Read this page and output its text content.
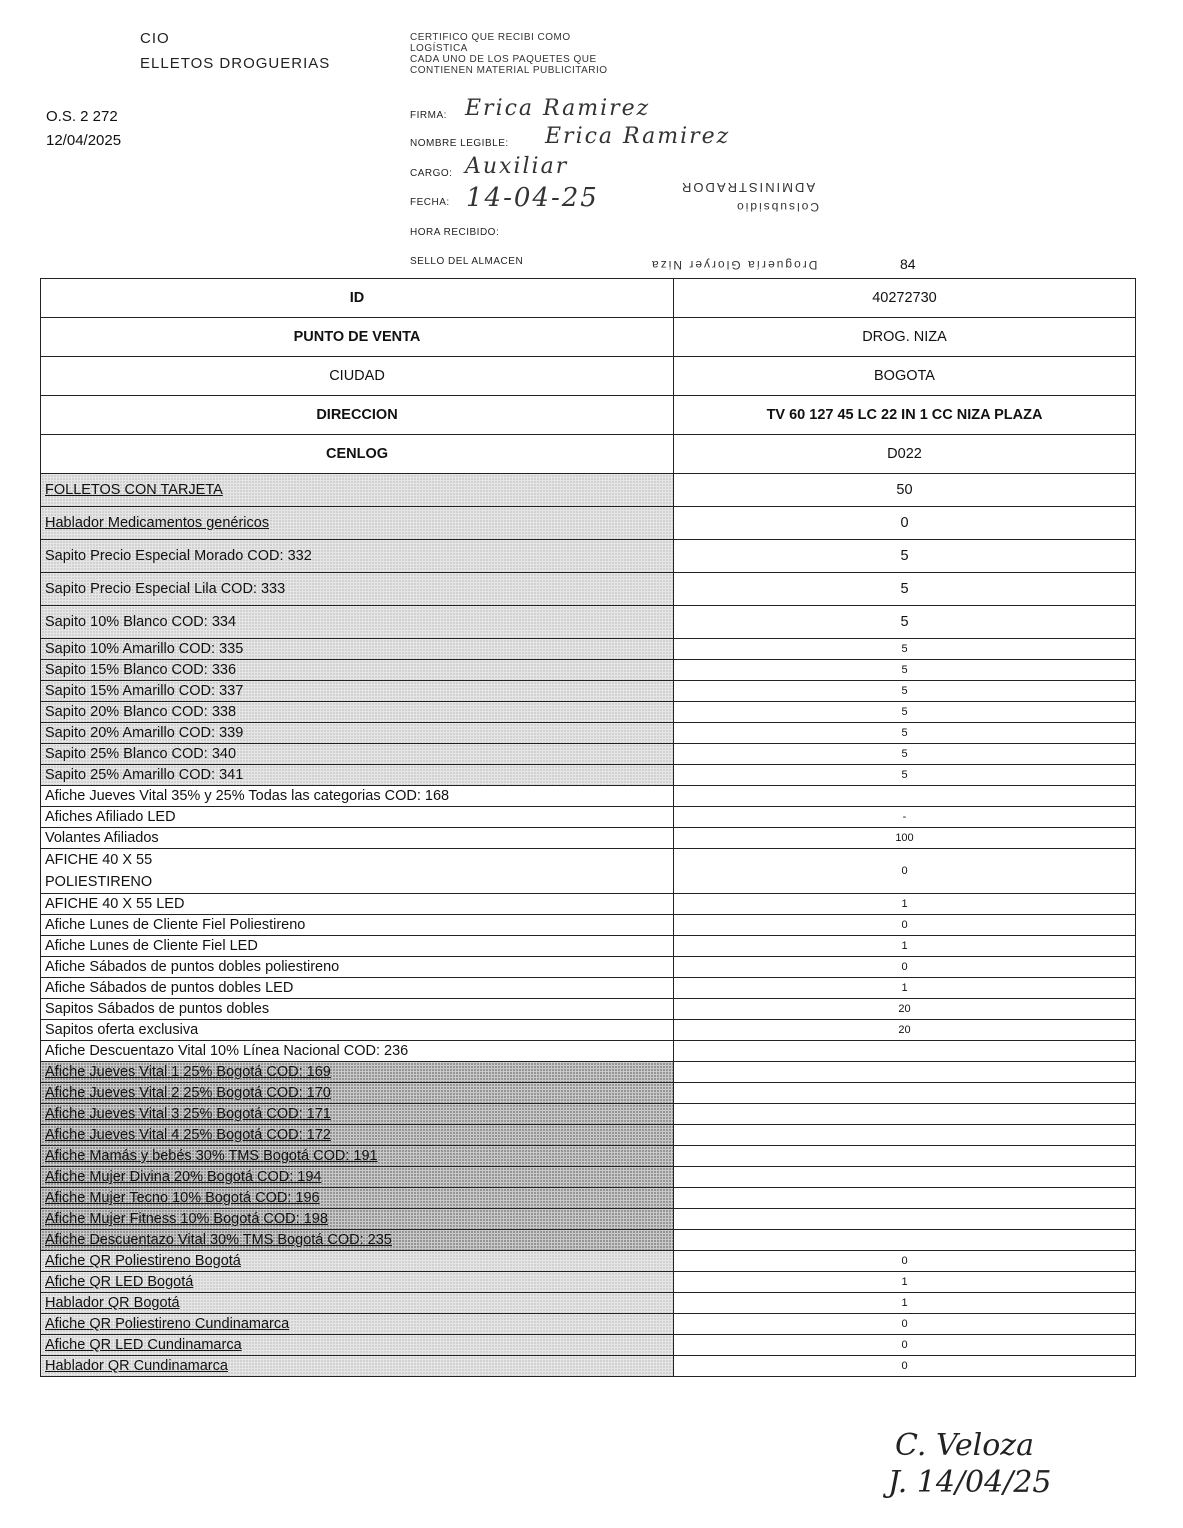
CIO
ELLETOS DROGUERIAS
O.S. 2 272
12/04/2025
CERTIFICO QUE RECIBI COMO
LOGÍSTICA
CADA UNO DE LOS PAQUETES QUE
CONTIENEN MATERIAL PUBLICITARIO
FIRMA: Erica Ramirez
NOMBRE LEGIBLE: Erica Ramirez
CARGO: Auxiliar
FECHA: 14-04-25
HORA RECIBIDO:
SELLO DEL ALMACEN
ADMINISTRADOR
Colsubsidio
Droguería Gloryer Niza	84
ID	40272730
PUNTO DE VENTA	DROG. NIZA
CIUDAD	BOGOTA
DIRECCION	TV 60 127 45 LC 22 IN 1 CC NIZA PLAZA
CENLOG	D022
FOLLETOS CON TARJETA	50
Hablador Medicamentos genéricos	0
Sapito Precio Especial Morado COD: 332	5
Sapito Precio Especial Lila COD: 333	5
Sapito 10% Blanco COD: 334	5
Sapito 10% Amarillo COD: 335	5
Sapito 15% Blanco COD: 336	5
Sapito 15% Amarillo COD: 337	5
Sapito 20% Blanco COD: 338	5
Sapito 20% Amarillo COD: 339	5
Sapito 25% Blanco COD: 340	5
Sapito 25% Amarillo COD: 341	5
Afiche Jueves Vital 35% y 25% Todas las categorias COD: 168	
Afiches Afiliado LED	-
Volantes Afiliados	100

AFICHE 40 X 55
POLIESTIRENO	0
AFICHE 40 X 55 LED	1
Afiche Lunes de Cliente Fiel Poliestireno	0
Afiche Lunes de Cliente Fiel LED	1
Afiche Sábados de puntos dobles poliestireno	0
Afiche Sábados de puntos dobles LED	1
Sapitos Sábados de puntos dobles	20
Sapitos oferta exclusiva	20
Afiche Descuentazo Vital 10% Línea Nacional COD: 236	
Afiche Jueves Vital 1 25% Bogotá COD: 169	
Afiche Jueves Vital 2 25% Bogotá COD: 170	
Afiche Jueves Vital 3 25% Bogotá COD: 171	
Afiche Jueves Vital 4 25% Bogotá COD: 172	
Afiche Mamás y bebés 30% TMS Bogotá COD: 191	
Afiche Mujer Divina 20% Bogotá COD: 194	
Afiche Mujer Tecno 10% Bogotá COD: 196	
Afiche Mujer Fitness 10% Bogotá COD: 198	
Afiche Descuentazo Vital 30% TMS Bogotá COD: 235	
Afiche QR Poliestireno Bogotá	0
Afiche QR LED Bogotá	1
Hablador QR Bogotá	1
Afiche QR Poliestireno Cundinamarca	0
Afiche QR LED Cundinamarca	0
Hablador QR Cundinamarca	0
C. Veloza
J. 14/04/25
